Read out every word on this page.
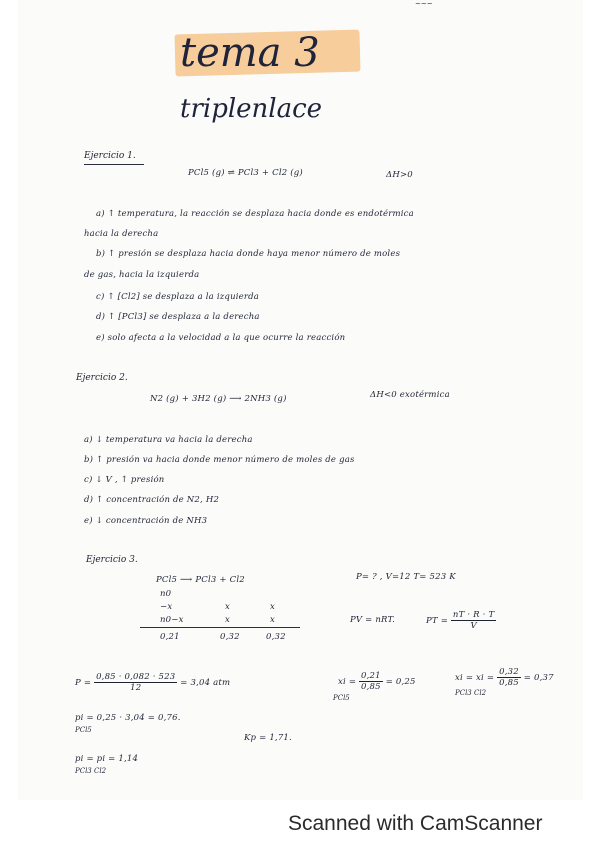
~~~
tema 3
triplenlace
Ejercicio 1.
PCl5 (g) ⇌ PCl3 + Cl2 (g)	ΔH>0
a) ↑ temperatura, la reacción se desplaza hacia donde es endotérmica
hacia la derecha
b) ↑ presión se desplaza hacia donde haya menor número de moles
de gas, hacia la izquierda
c) ↑ [Cl2] se desplaza a la izquierda
d) ↑ [PCl3] se desplaza a la derecha
e) solo afecta a la velocidad a la que ocurre la reacción
Ejercicio 2.
N2 (g) + 3H2 (g) ⟶ 2NH3 (g)	ΔH<0 exotérmica
a) ↓ temperatura va hacia la derecha
b) ↑ presión va hacia donde menor número de moles de gas
c) ↓ V , ↑ presión
d) ↑ concentración de N2, H2
e) ↓ concentración de NH3
Ejercicio 3.
PCl5 ⟶ PCl3 + Cl2
n0
−x	x	x
n0−x	x	x
0,21	0,32	0,32
P= ? , V=12 T= 523 K
PV = nRT.	PT = $\frac{nT \cdot R \cdot T}{V}$
$P = \frac{0,85 \cdot 0,082 \cdot 523}{12} = 3,04$ atm	xi = $\frac{0,21}{0,85} = 0,25$
PCl5
xi = xi = $\frac{0,32}{0,85} = 0,37$
PCl3 Cl2
pi = 0,25 · 3,04 = 0,76.
PCl5
Kp = 1,71.
pi = pi = 1,14
PCl3 Cl2
Scanned with CamScanner
